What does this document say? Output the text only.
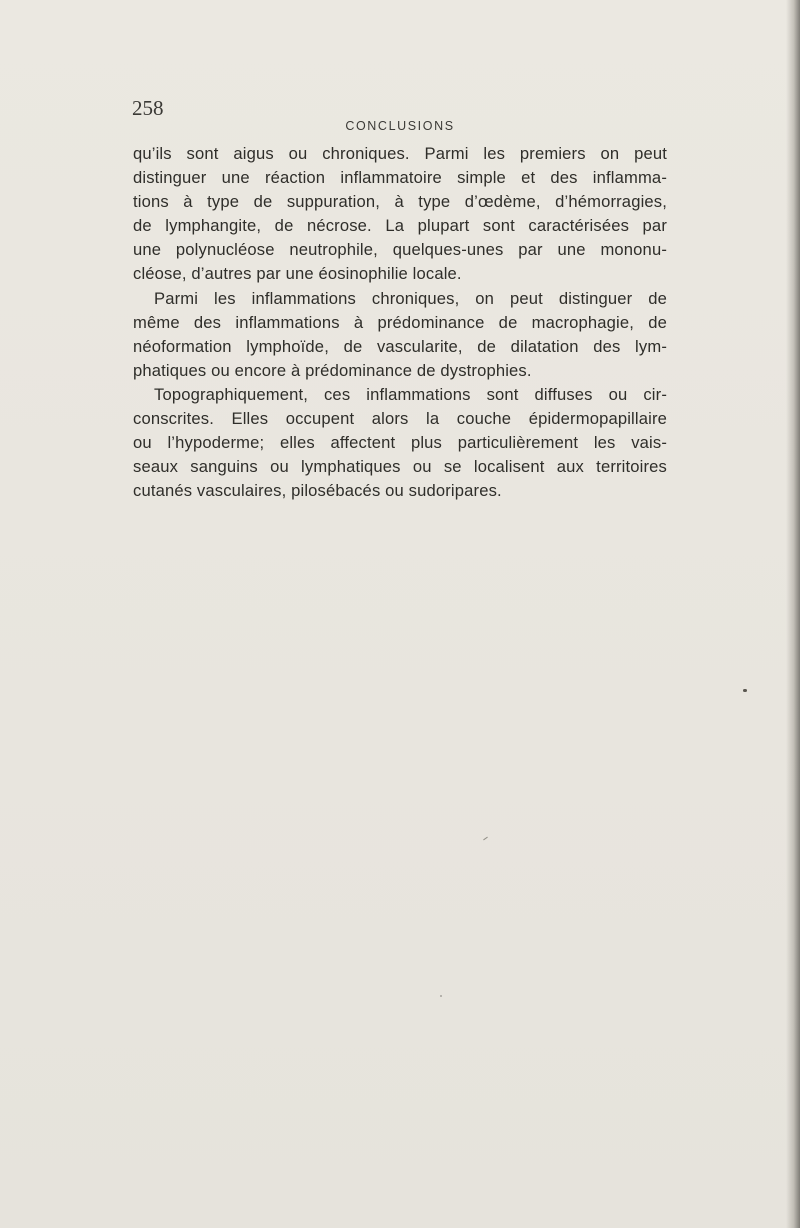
258
CONCLUSIONS
qu’ils sont aigus ou chroniques. Parmi les premiers on peut
distinguer une réaction inflammatoire simple et des inflamma-
tions à type de suppuration, à type d’œdème, d’hémorragies,
de lymphangite, de nécrose. La plupart sont caractérisées par
une polynucléose neutrophile, quelques-unes par une mononu-
cléose, d’autres par une éosinophilie locale.
Parmi les inflammations chroniques, on peut distinguer de
même des inflammations à prédominance de macrophagie, de
néoformation lymphoïde, de vascularite, de dilatation des lym-
phatiques ou encore à prédominance de dystrophies.
Topographiquement, ces inflammations sont diffuses ou cir-
conscrites. Elles occupent alors la couche épidermopapillaire
ou l’hypoderme; elles affectent plus particulièrement les vais-
seaux sanguins ou lymphatiques ou se localisent aux territoires
cutanés vasculaires, pilosébacés ou sudoripares.
